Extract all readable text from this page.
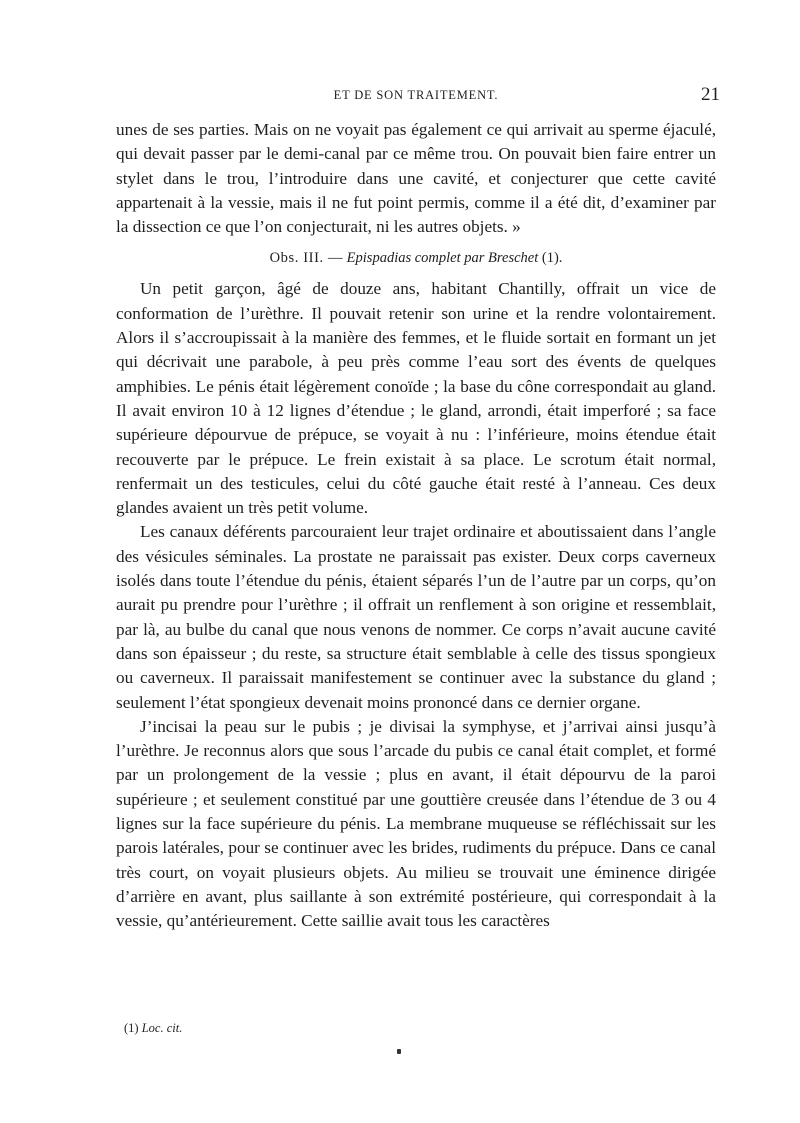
ET DE SON TRAITEMENT.	21

unes de ses parties. Mais on ne voyait pas également ce qui arrivait au sperme éjaculé, qui devait passer par le demi-canal par ce même trou. On pouvait bien faire entrer un stylet dans le trou, l’introduire dans une cavité, et conjecturer que cette cavité appartenait à la vessie, mais il ne fut point permis, comme il a été dit, d’examiner par la dissection ce que l’on conjecturait, ni les autres objets. »

Obs. III. — Epispadias complet par Breschet (1).

Un petit garçon, âgé de douze ans, habitant Chantilly, offrait un vice de conformation de l’urèthre. Il pouvait retenir son urine et la rendre volontairement. Alors il s’accroupissait à la manière des femmes, et le fluide sortait en formant un jet qui décrivait une parabole, à peu près comme l’eau sort des évents de quelques amphibies. Le pénis était légèrement conoïde ; la base du cône correspondait au gland. Il avait environ 10 à 12 lignes d’étendue ; le gland, arrondi, était imperforé ; sa face supérieure dépourvue de prépuce, se voyait à nu : l’inférieure, moins étendue était recouverte par le prépuce. Le frein existait à sa place. Le scrotum était normal, renfermait un des testicules, celui du côté gauche était resté à l’anneau. Ces deux glandes avaient un très petit volume.

Les canaux déférents parcouraient leur trajet ordinaire et aboutissaient dans l’angle des vésicules séminales. La prostate ne paraissait pas exister. Deux corps caverneux isolés dans toute l’étendue du pénis, étaient séparés l’un de l’autre par un corps, qu’on aurait pu prendre pour l’urèthre ; il offrait un renflement à son origine et ressemblait, par là, au bulbe du canal que nous venons de nommer. Ce corps n’avait aucune cavité dans son épaisseur ; du reste, sa structure était semblable à celle des tissus spongieux ou caverneux. Il paraissait manifestement se continuer avec la substance du gland ; seulement l’état spongieux devenait moins prononcé dans ce dernier organe.

J’incisai la peau sur le pubis ; je divisai la symphyse, et j’arrivai ainsi jusqu’à l’urèthre. Je reconnus alors que sous l’arcade du pubis ce canal était complet, et formé par un prolongement de la vessie ; plus en avant, il était dépourvu de la paroi supérieure ; et seulement constitué par une gouttière creusée dans l’étendue de 3 ou 4 lignes sur la face supérieure du pénis. La membrane muqueuse se réfléchissait sur les parois latérales, pour se continuer avec les brides, rudiments du prépuce. Dans ce canal très court, on voyait plusieurs objets. Au milieu se trouvait une éminence dirigée d’arrière en avant, plus saillante à son extrémité postérieure, qui correspondait à la vessie, qu’antérieurement. Cette saillie avait tous les caractères

(1) Loc. cit.
